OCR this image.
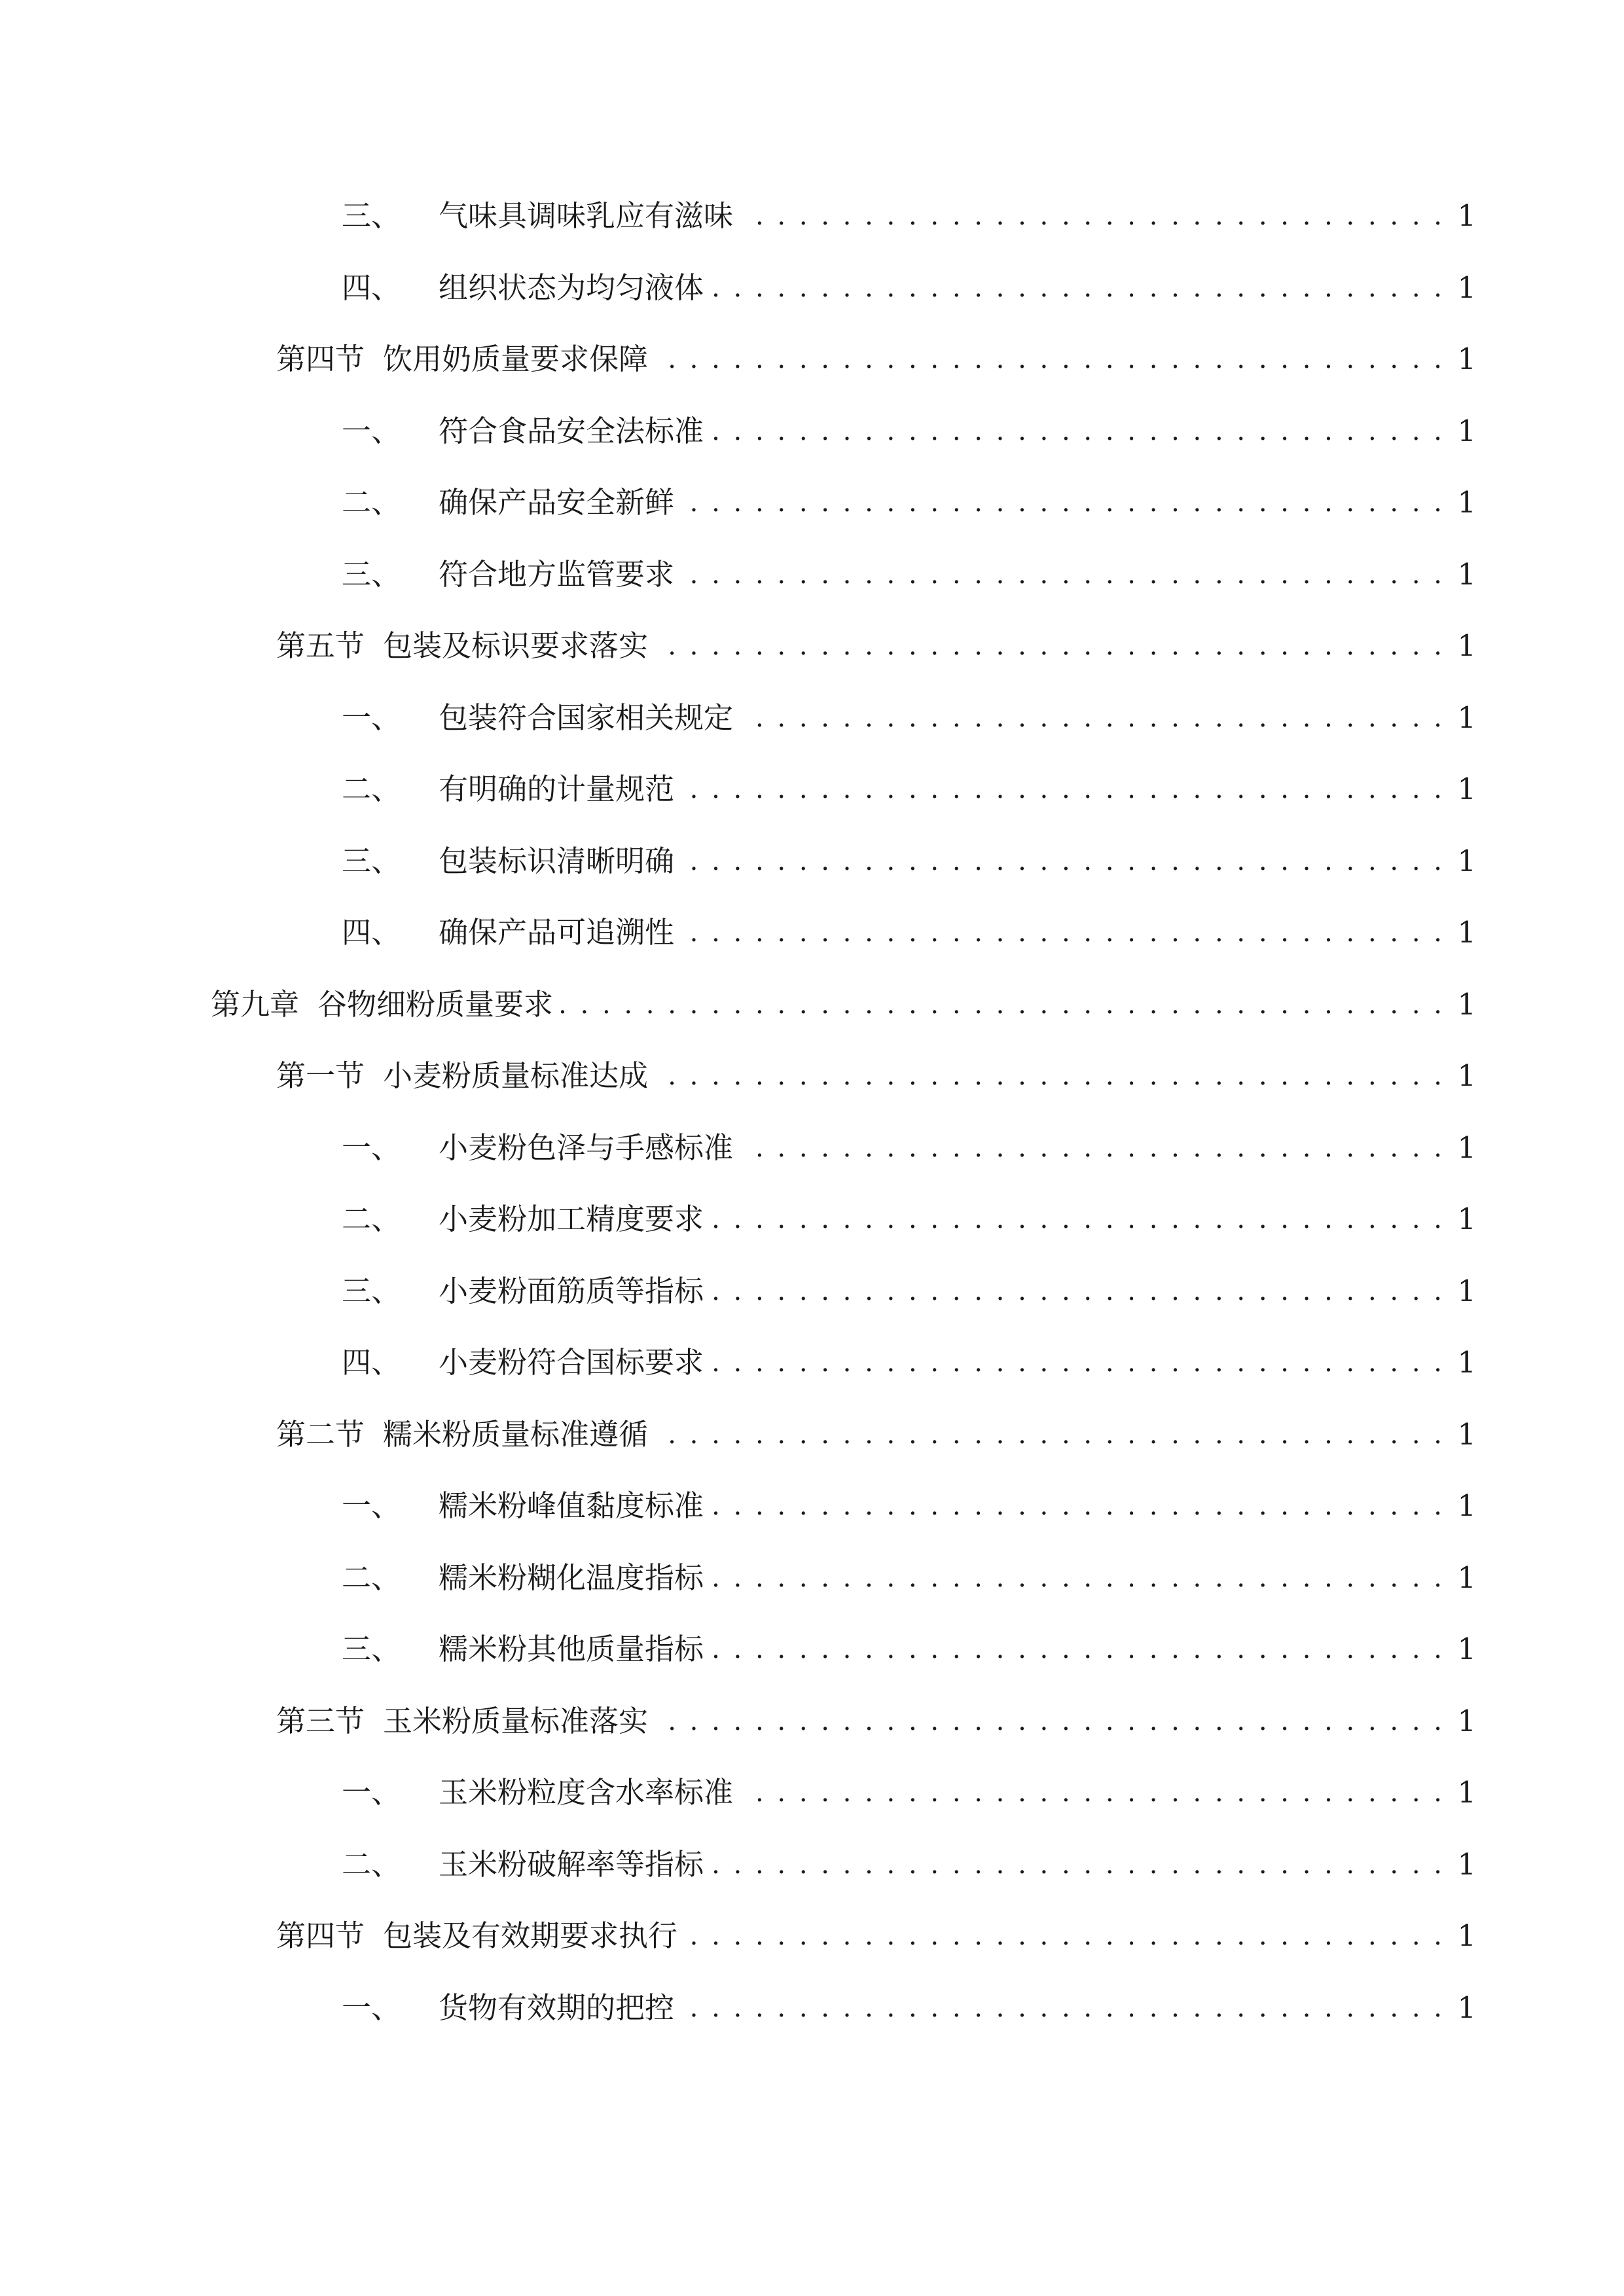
三、	气味具调味乳应有滋味 . . .	1
四、	组织状态为均匀液体 . . .	1
第四节 饮用奶质量要求保障 . . .	1
一、	符合食品安全法标准 . . .	1
二、	确保产品安全新鲜 . . .	1
三、	符合地方监管要求 . . .	1
第五节 包装及标识要求落实 . . .	1
一、	包装符合国家相关规定 . . .	1
二、	有明确的计量规范 . . .	1
三、	包装标识清晰明确 . . .	1
四、	确保产品可追溯性 . . .	1
第九章 谷物细粉质量要求 . . .	1
第一节 小麦粉质量标准达成 . . .	1
一、	小麦粉色泽与手感标准 . . .	1
二、	小麦粉加工精度要求 . . .	1
三、	小麦粉面筋质等指标 . . .	1
四、	小麦粉符合国标要求 . . .	1
第二节 糯米粉质量标准遵循 . . .	1
一、	糯米粉峰值黏度标准 . . .	1
二、	糯米粉糊化温度指标 . . .	1
三、	糯米粉其他质量指标 . . .	1
第三节 玉米粉质量标准落实 . . .	1
一、	玉米粉粒度含水率标准 . . .	1
二、	玉米粉破解率等指标 . . .	1
第四节 包装及有效期要求执行 . . .	1
一、	货物有效期的把控 . . .	1
